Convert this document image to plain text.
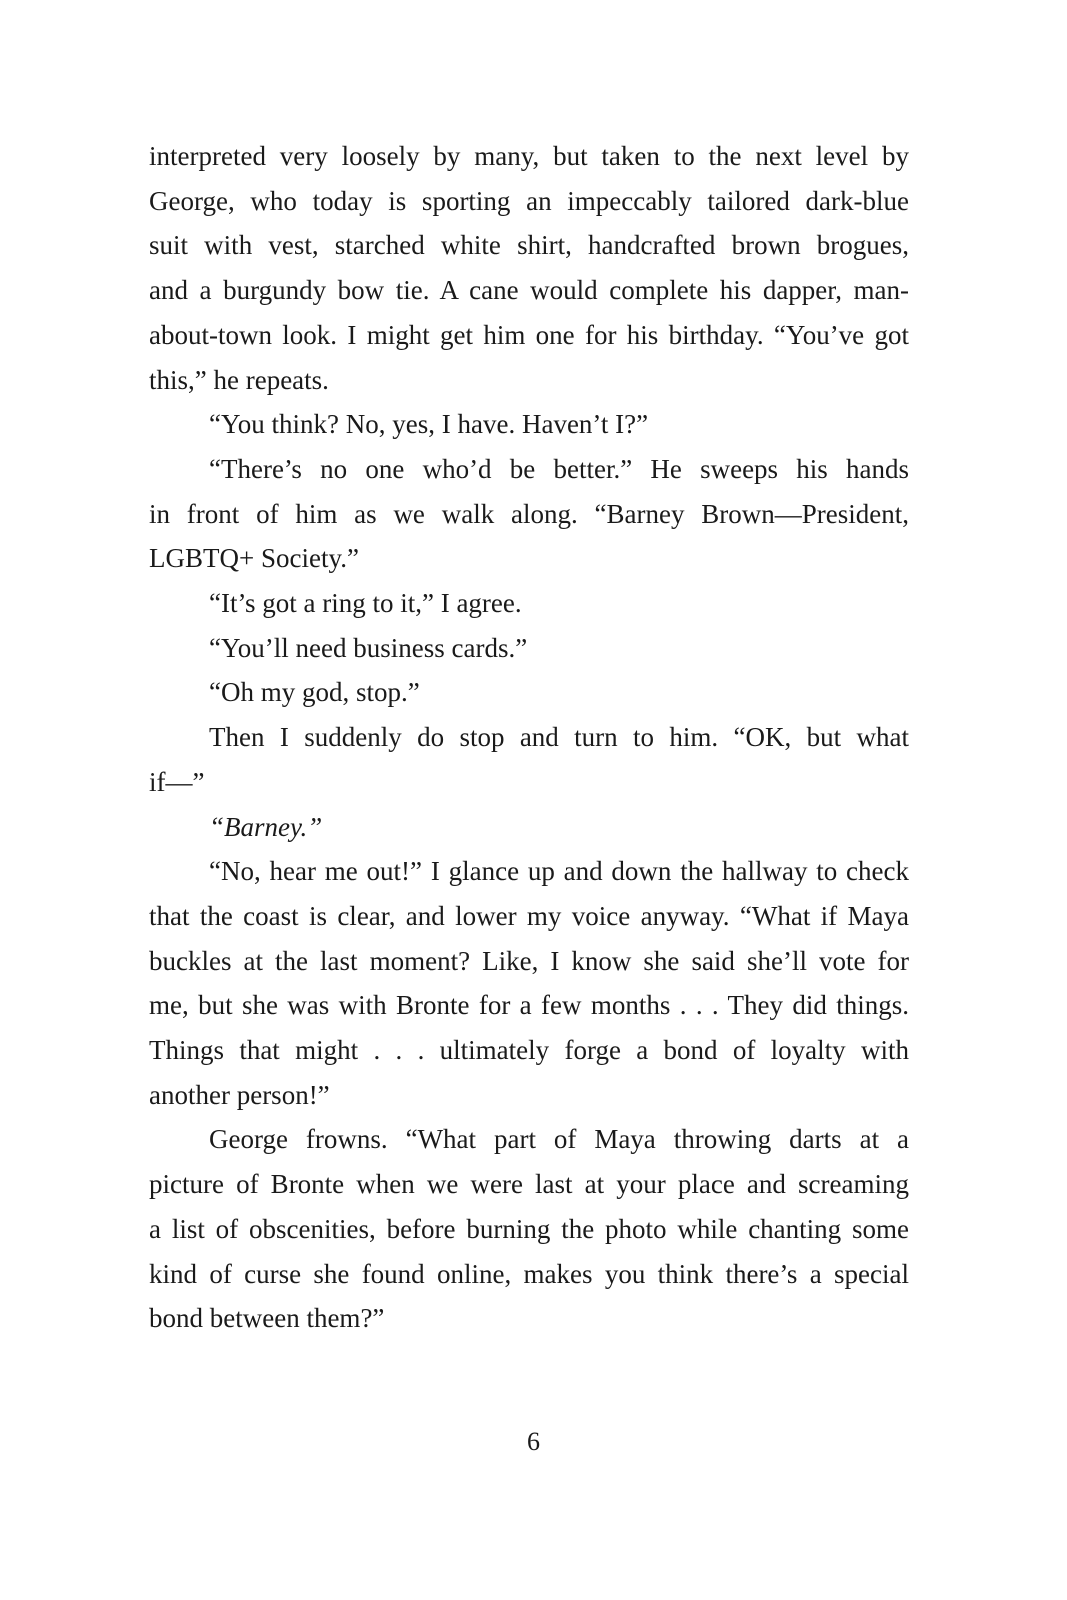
interpreted very loosely by many, but taken to the next level by

George, who today is sporting an impeccably tailored dark-blue

suit with vest, starched white shirt, handcrafted brown brogues,

and a burgundy bow tie. A cane would complete his dapper, man-

about-town look. I might get him one for his birthday. “You’ve got

this,” he repeats.

“You think? No, yes, I have. Haven’t I?”

“There’s no one who’d be better.” He sweeps his hands

in front of him as we walk along. “Barney Brown—President,

LGBTQ+ Society.”

“It’s got a ring to it,” I agree.

“You’ll need business cards.”

“Oh my god, stop.”

Then I suddenly do stop and turn to him. “OK, but what

if—”

“Barney.”

“No, hear me out!” I glance up and down the hallway to check

that the coast is clear, and lower my voice anyway. “What if Maya

buckles at the last moment? Like, I know she said she’ll vote for

me, but she was with Bronte for a few months . . . They did things.

Things that might . . . ultimately forge a bond of loyalty with

another person!”

George frowns. “What part of Maya throwing darts at a

picture of Bronte when we were last at your place and screaming

a list of obscenities, before burning the photo while chanting some

kind of curse she found online, makes you think there’s a special

bond between them?”

6
